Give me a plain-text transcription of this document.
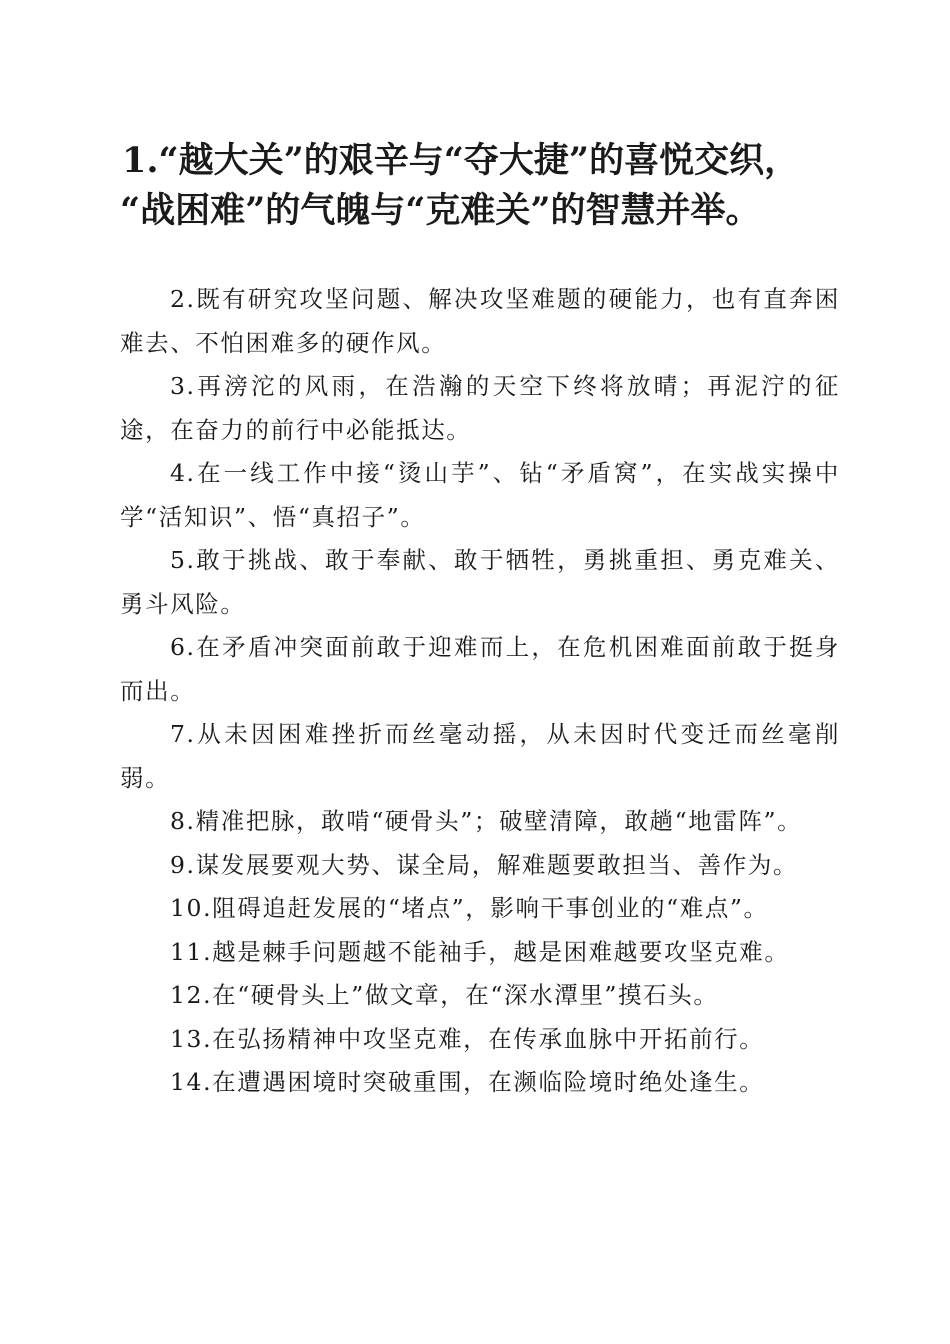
1.“越大关”的艰辛与“夺大捷”的喜悦交织，
“战困难”的气魄与“克难关”的智慧并举。

2.既有研究攻坚问题、解决攻坚难题的硬能力，也有直奔困难去、不怕困难多的硬作风。

3.再滂沱的风雨，在浩瀚的天空下终将放晴；再泥泞的征途，在奋力的前行中必能抵达。

4.在一线工作中接“烫山芋”、钻“矛盾窝”，在实战实操中学“活知识”、悟“真招子”。

5.敢于挑战、敢于奉献、敢于牺牲，勇挑重担、勇克难关、勇斗风险。

6.在矛盾冲突面前敢于迎难而上，在危机困难面前敢于挺身而出。

7.从未因困难挫折而丝毫动摇，从未因时代变迁而丝毫削弱。

8.精准把脉，敢啃“硬骨头”；破壁清障，敢趟“地雷阵”。

9.谋发展要观大势、谋全局，解难题要敢担当、善作为。

10.阻碍追赶发展的“堵点”，影响干事创业的“难点”。

11.越是棘手问题越不能袖手，越是困难越要攻坚克难。

12.在“硬骨头上”做文章，在“深水潭里”摸石头。

13.在弘扬精神中攻坚克难，在传承血脉中开拓前行。

14.在遭遇困境时突破重围，在濒临险境时绝处逢生。
